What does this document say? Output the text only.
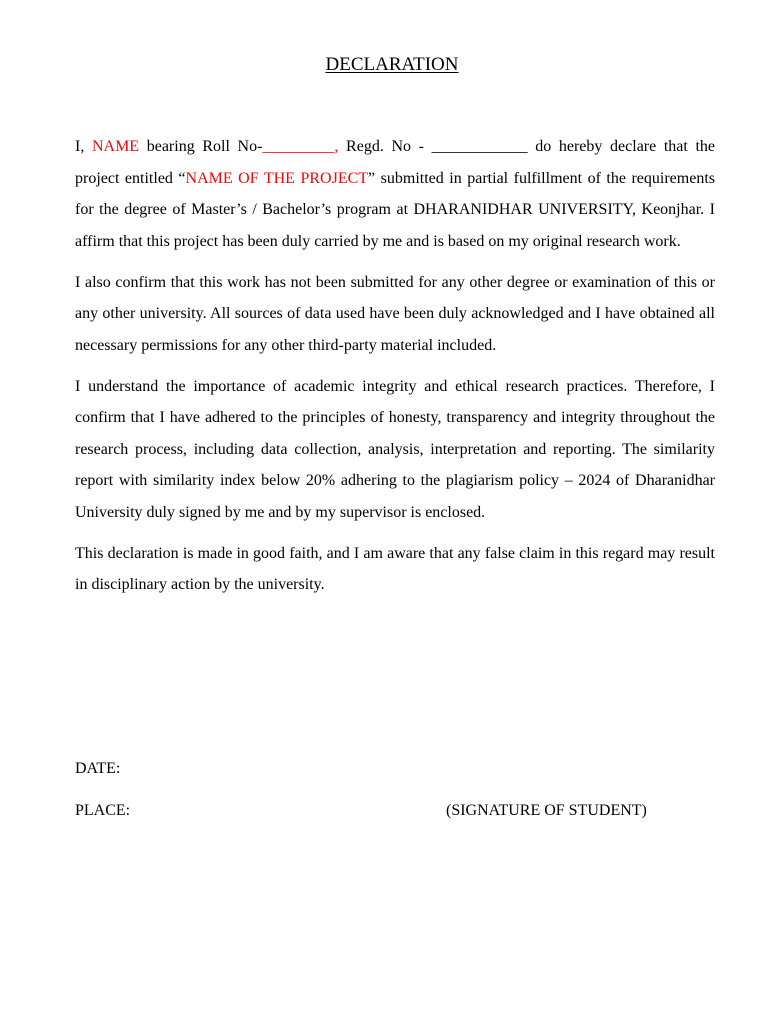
DECLARATION

I, NAME bearing Roll No-_________, Regd. No - ____________ do hereby declare that the project entitled “NAME OF THE PROJECT” submitted in partial fulfillment of the requirements for the degree of Master’s / Bachelor’s program at DHARANIDHAR UNIVERSITY, Keonjhar. I affirm that this project has been duly carried by me and is based on my original research work.

I also confirm that this work has not been submitted for any other degree or examination of this or any other university. All sources of data used have been duly acknowledged and I have obtained all necessary permissions for any other third-party material included.

I understand the importance of academic integrity and ethical research practices. Therefore, I confirm that I have adhered to the principles of honesty, transparency and integrity throughout the research process, including data collection, analysis, interpretation and reporting. The similarity report with similarity index below 20% adhering to the plagiarism policy – 2024 of Dharanidhar University duly signed by me and by my supervisor is enclosed.

This declaration is made in good faith, and I am aware that any false claim in this regard may result in disciplinary action by the university.

DATE:
PLACE:	(SIGNATURE OF STUDENT)
